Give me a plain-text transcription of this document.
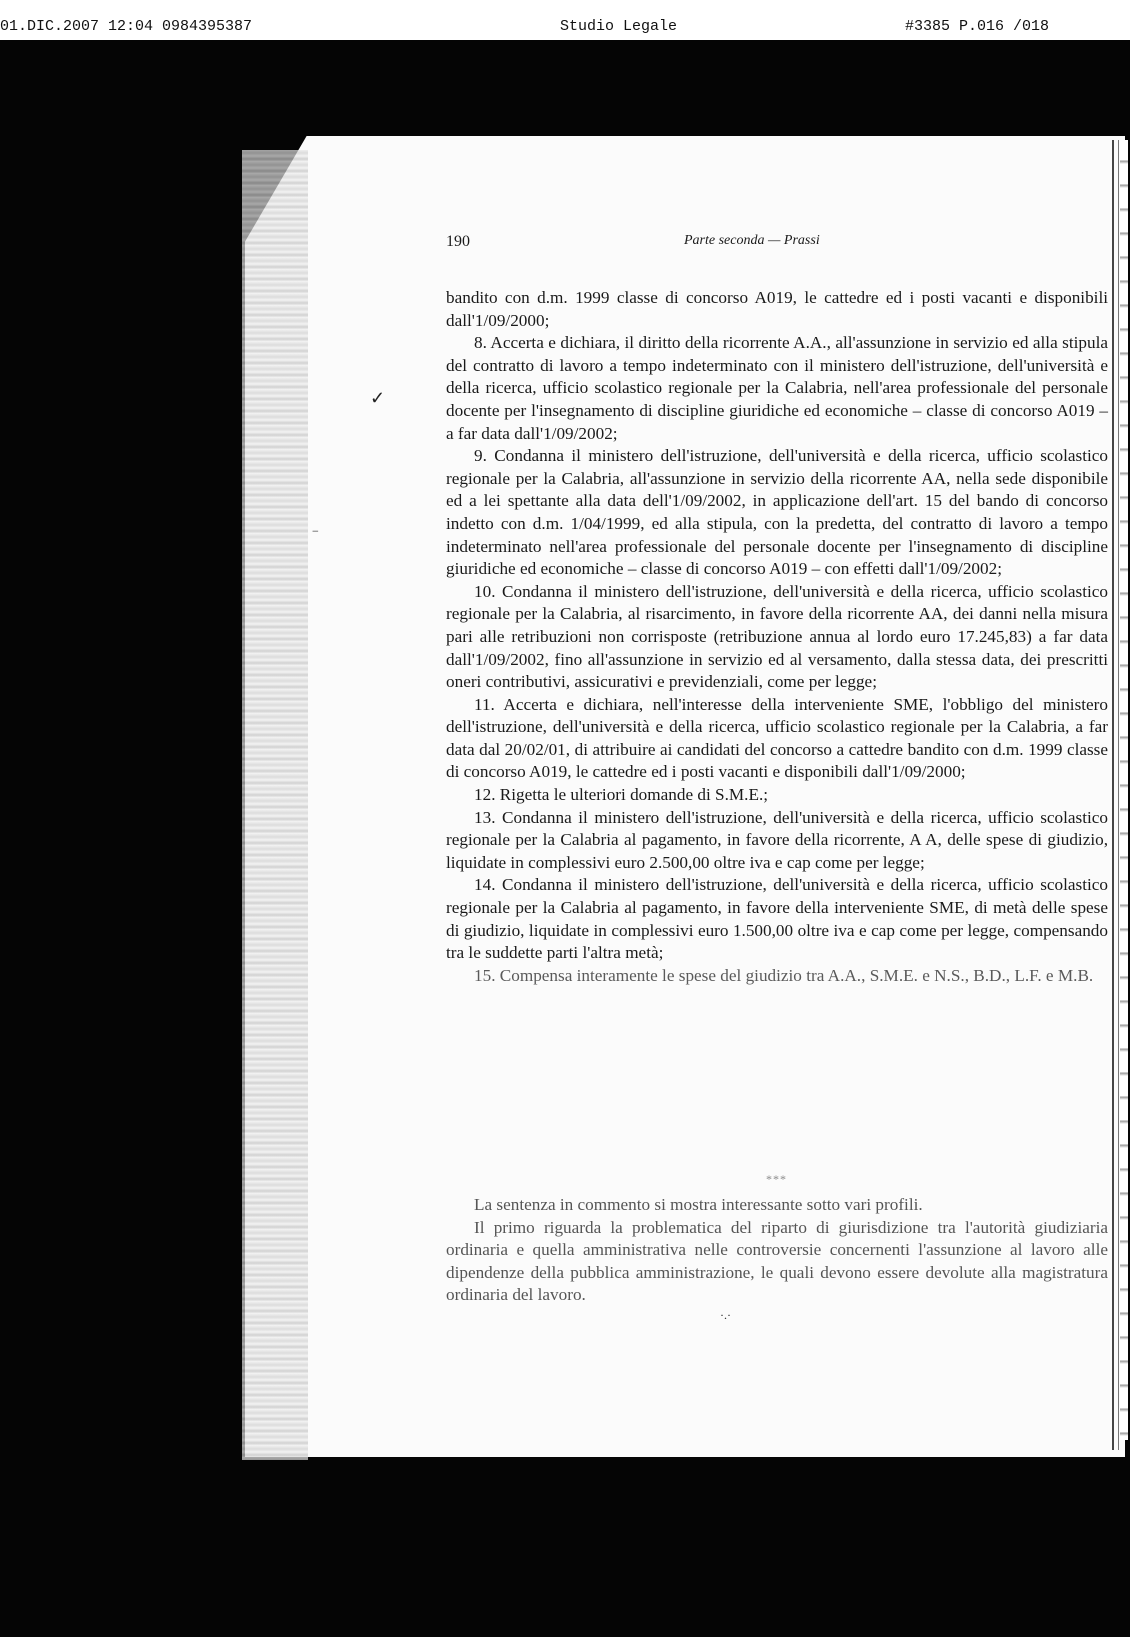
01.DIC.2007 12:04 0984395387	Studio Legale	#3385 P.016 /018
190	Parte seconda — Prassi

bandito con d.m. 1999 classe di concorso A019, le cattedre ed i posti vacanti e disponibili dall'1/09/2000;

8. Accerta e dichiara, il diritto della ricorrente A.A., all'assunzione in servizio ed alla stipula del contratto di lavoro a tempo indeterminato con il ministero dell'istruzione, dell'università e della ricerca, ufficio scolastico regionale per la Calabria, nell'area professionale del personale docente per l'insegnamento di discipline giuridiche ed economiche – classe di concorso A019 – a far data dall'1/09/2002;

9. Condanna il ministero dell'istruzione, dell'università e della ricerca, ufficio scolastico regionale per la Calabria, all'assunzione in servizio della ricorrente AA, nella sede disponibile ed a lei spettante alla data dell'1/09/2002, in applicazione dell'art. 15 del bando di concorso indetto con d.m. 1/04/1999, ed alla stipula, con la predetta, del contratto di lavoro a tempo indeterminato nell'area professionale del personale docente per l'insegnamento di discipline giuridiche ed economiche – classe di concorso A019 – con effetti dall'1/09/2002;

10. Condanna il ministero dell'istruzione, dell'università e della ricerca, ufficio scolastico regionale per la Calabria, al risarcimento, in favore della ricorrente AA, dei danni nella misura pari alle retribuzioni non corrisposte (retribuzione annua al lordo euro 17.245,83) a far data dall'1/09/2002, fino all'assunzione in servizio ed al versamento, dalla stessa data, dei prescritti oneri contributivi, assicurativi e previdenziali, come per legge;

11. Accerta e dichiara, nell'interesse della interveniente SME, l'obbligo del ministero dell'istruzione, dell'università e della ricerca, ufficio scolastico regionale per la Calabria, a far data dal 20/02/01, di attribuire ai candidati del concorso a cattedre bandito con d.m. 1999 classe di concorso A019, le cattedre ed i posti vacanti e disponibili dall'1/09/2000;

12. Rigetta le ulteriori domande di S.M.E.;

13. Condanna il ministero dell'istruzione, dell'università e della ricerca, ufficio scolastico regionale per la Calabria al pagamento, in favore della ricorrente, A A, delle spese di giudizio, liquidate in complessivi euro 2.500,00 oltre iva e cap come per legge;

14. Condanna il ministero dell'istruzione, dell'università e della ricerca, ufficio scolastico regionale per la Calabria al pagamento, in favore della interveniente SME, di metà delle spese di giudizio, liquidate in complessivi euro 1.500,00 oltre iva e cap come per legge, compensando tra le suddette parti l'altra metà;

15. Compensa interamente le spese del giudizio tra A.A., S.M.E. e N.S., B.D., L.F. e M.B.

***

La sentenza in commento si mostra interessante sotto vari profili.

Il primo riguarda la problematica del riparto di giurisdizione tra l'autorità giudiziaria ordinaria e quella amministrativa nelle controversie concernenti l'assunzione al lavoro alle dipendenze della pubblica amministrazione, le quali devono essere devolute alla magistratura ordinaria del lavoro.

✓
−
·.·
